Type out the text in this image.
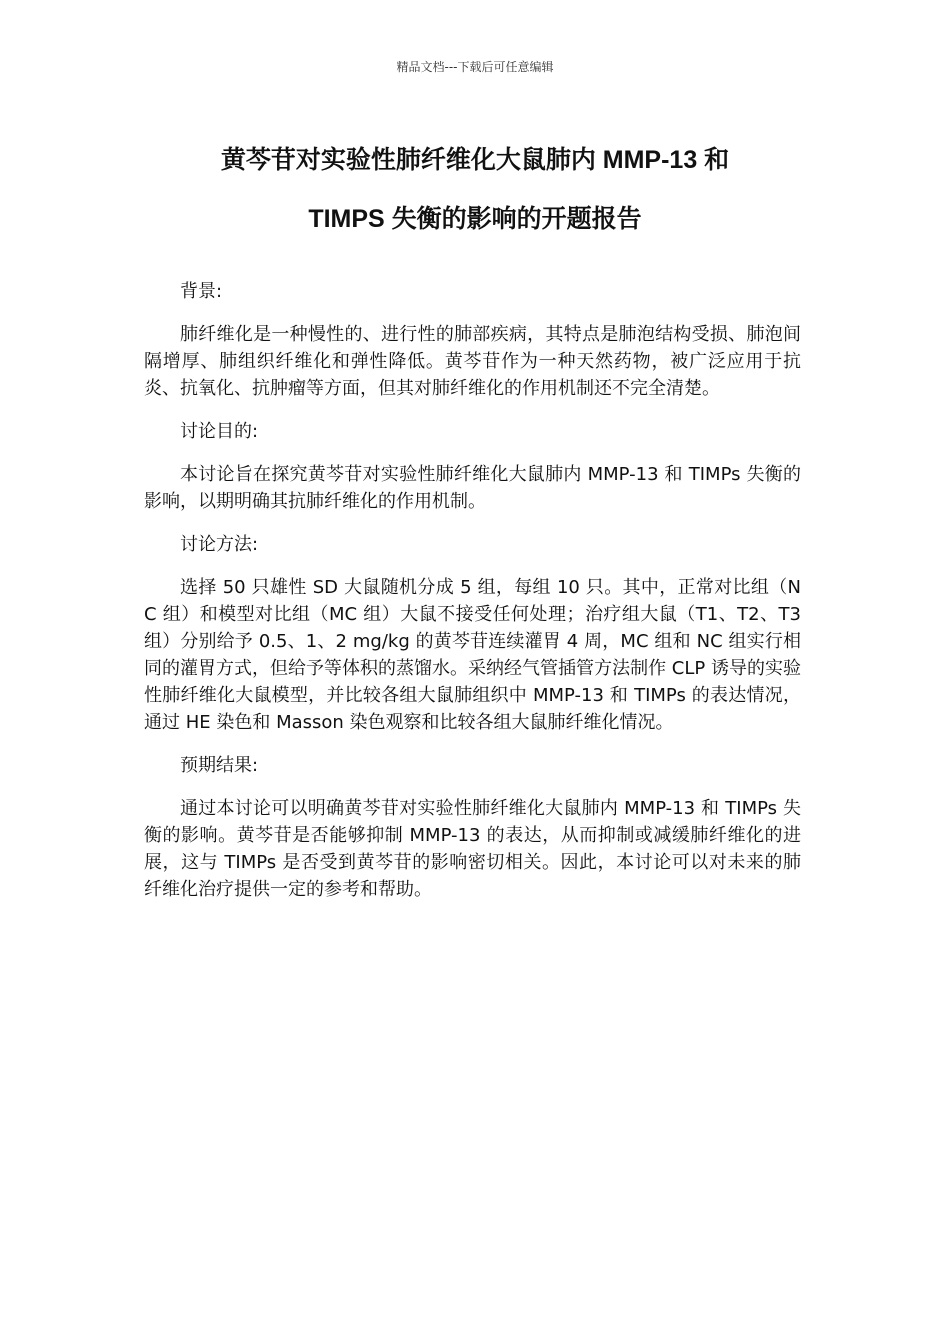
精品文档---下载后可任意编辑
黄芩苷对实验性肺纤维化大鼠肺内 MMP-13 和
TIMPS 失衡的影响的开题报告
背景:

肺纤维化是一种慢性的、进行性的肺部疾病，其特点是肺泡结构受损、肺泡间隔增厚、肺组织纤维化和弹性降低。黄芩苷作为一种天然药物，被广泛应用于抗炎、抗氧化、抗肿瘤等方面，但其对肺纤维化的作用机制还不完全清楚。

讨论目的:

本讨论旨在探究黄芩苷对实验性肺纤维化大鼠肺内 MMP-13 和 TIMPs 失衡的影响，以期明确其抗肺纤维化的作用机制。

讨论方法:

选择 50 只雄性 SD 大鼠随机分成 5 组，每组 10 只。其中，正常对比组（NC 组）和模型对比组（MC 组）大鼠不接受任何处理；治疗组大鼠（T1、T2、T3 组）分别给予 0.5、1、2 mg/kg 的黄芩苷连续灌胃 4 周，MC 组和 NC 组实行相同的灌胃方式，但给予等体积的蒸馏水。采纳经气管插管方法制作 CLP 诱导的实验性肺纤维化大鼠模型，并比较各组大鼠肺组织中 MMP-13 和 TIMPs 的表达情况，通过 HE 染色和 Masson 染色观察和比较各组大鼠肺纤维化情况。

预期结果:

通过本讨论可以明确黄芩苷对实验性肺纤维化大鼠肺内 MMP-13 和 TIMPs 失衡的影响。黄芩苷是否能够抑制 MMP-13 的表达，从而抑制或减缓肺纤维化的进展，这与 TIMPs 是否受到黄芩苷的影响密切相关。因此，本讨论可以对未来的肺纤维化治疗提供一定的参考和帮助。
